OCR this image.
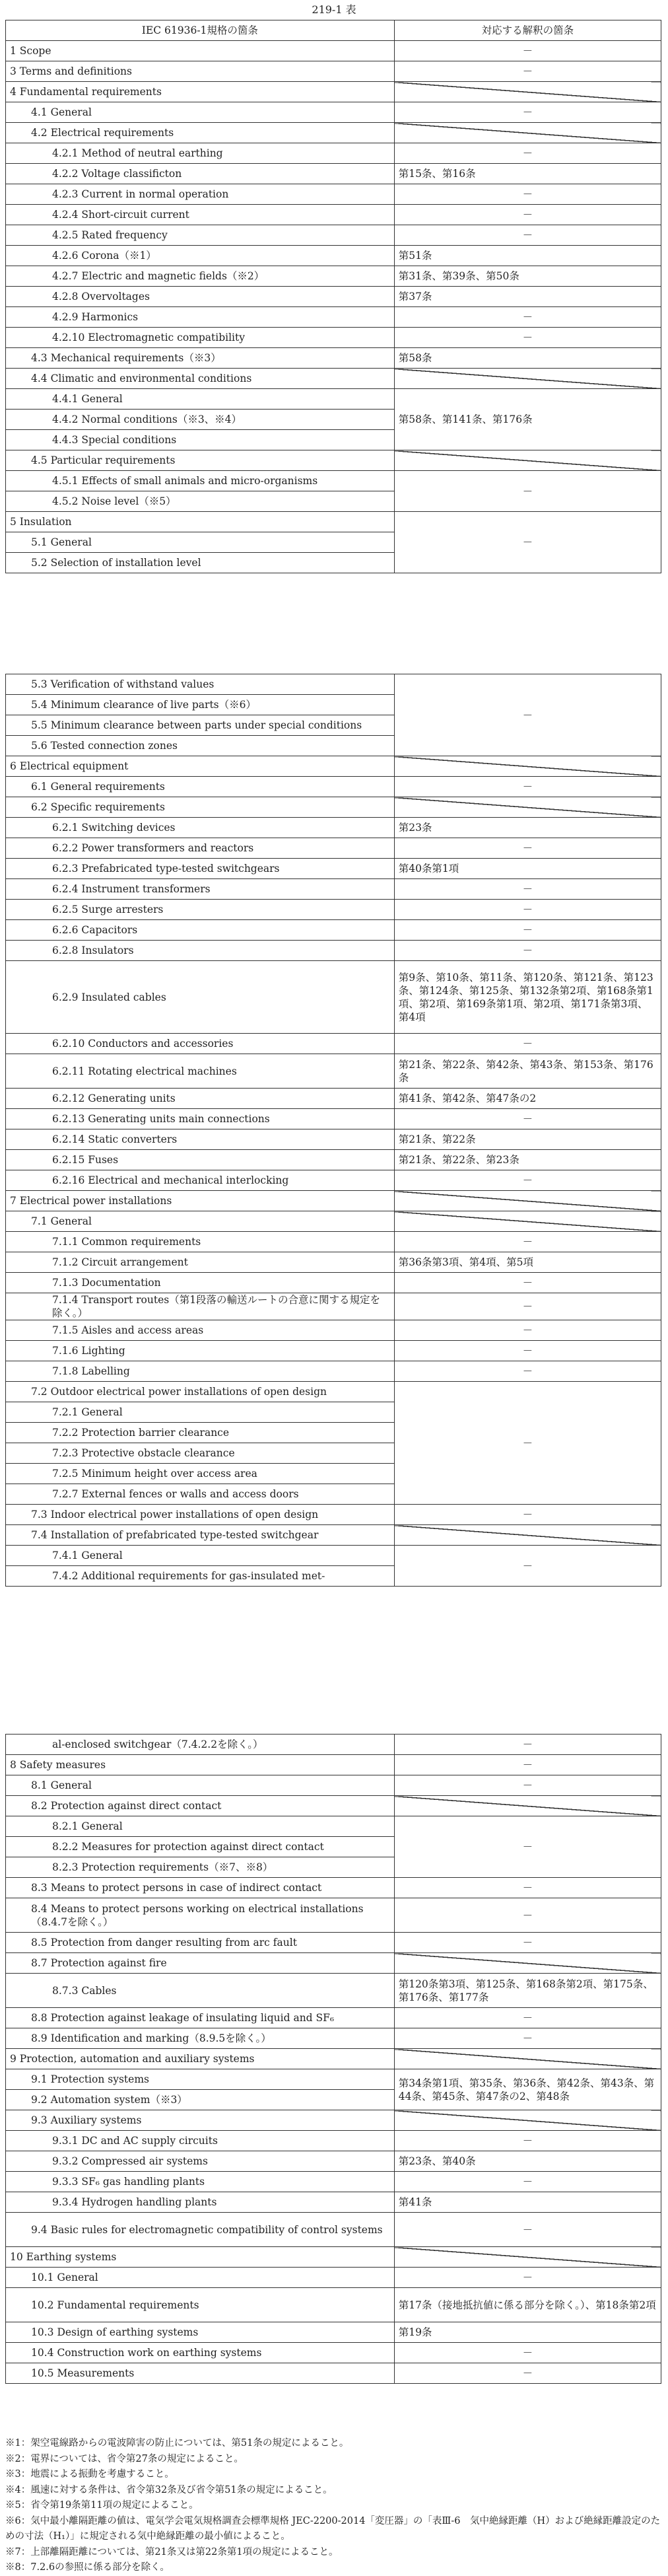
219-1 表
IEC 61936-1規格の箇条	対応する解釈の箇条
1 Scope	－
3 Terms and definitions	－
4 Fundamental requirements	
4.1 General	－
4.2 Electrical requirements	
4.2.1 Method of neutral earthing	－
4.2.2 Voltage classificton	第15条、第16条
4.2.3 Current in normal operation	－
4.2.4 Short-circuit current	－
4.2.5 Rated frequency	－
4.2.6 Corona（※1）	第51条
4.2.7 Electric and magnetic fields（※2）	第31条、第39条、第50条
4.2.8 Overvoltages	第37条
4.2.9 Harmonics	－
4.2.10 Electromagnetic compatibility	－
4.3 Mechanical requirements（※3）	第58条
4.4 Climatic and environmental conditions	
4.4.1 General	第58条、第141条、第176条
4.4.2 Normal conditions（※3、※4）	
4.4.3 Special conditions	
4.5 Particular requirements	
4.5.1 Effects of small animals and micro-organisms	－
4.5.2 Noise level（※5）	
5 Insulation	－
5.1 General	
5.2 Selection of installation level	
5.3 Verification of withstand values	－
5.4 Minimum clearance of live parts（※6）	
5.5 Minimum clearance between parts under special conditions	
5.6 Tested connection zones	
6 Electrical equipment	
6.1 General requirements	－
6.2 Specific requirements	
6.2.1 Switching devices	第23条
6.2.2 Power transformers and reactors	－
6.2.3 Prefabricated type-tested switchgears	第40条第1項
6.2.4 Instrument transformers	－
6.2.5 Surge arresters	－
6.2.6 Capacitors	－
6.2.8 Insulators	－
6.2.9 Insulated cables	第9条、第10条、第11条、第120条、第121条、第123条、第124条、第125条、第132条第2項、第168条第1項、第2項、第169条第1項、第2項、第171条第3項、第4項
6.2.10 Conductors and accessories	－
6.2.11 Rotating electrical machines	第21条、第22条、第42条、第43条、第153条、第176条
6.2.12 Generating units	第41条、第42条、第47条の2
6.2.13 Generating units main connections	－
6.2.14 Static converters	第21条、第22条
6.2.15 Fuses	第21条、第22条、第23条
6.2.16 Electrical and mechanical interlocking	－
7 Electrical power installations	
7.1 General	
7.1.1 Common requirements	－
7.1.2 Circuit arrangement	第36条第3項、第4項、第5項
7.1.3 Documentation	－
7.1.4 Transport routes（第1段落の輸送ルートの合意に関する規定を除く。）	－
7.1.5 Aisles and access areas	－
7.1.6 Lighting	－
7.1.8 Labelling	－
7.2 Outdoor electrical power installations of open design	－
7.2.1 General	
7.2.2 Protection barrier clearance	
7.2.3 Protective obstacle clearance	
7.2.5 Minimum height over access area	
7.2.7 External fences or walls and access doors	
7.3 Indoor electrical power installations of open design	－
7.4 Installation of prefabricated type-tested switchgear	
7.4.1 General	－
7.4.2 Additional requirements for gas-insulated met-	
al-enclosed switchgear（7.4.2.2を除く。）	－
8 Safety measures	－
8.1 General	－
8.2 Protection against direct contact	
8.2.1 General	－
8.2.2 Measures for protection against direct contact	
8.2.3 Protection requirements（※7、※8）	
8.3 Means to protect persons in case of indirect contact	－
8.4 Means to protect persons working on electrical installations（8.4.7を除く。）	－
8.5 Protection from danger resulting from arc fault	－
8.7 Protection against fire	
8.7.3 Cables	第120条第3項、第125条、第168条第2項、第175条、第176条、第177条
8.8 Protection against leakage of insulating liquid and SF₆	－
8.9 Identification and marking（8.9.5を除く。）	－
9 Protection, automation and auxiliary systems	
9.1 Protection systems	第34条第1項、第35条、第36条、第42条、第43条、第44条、第45条、第47条の2、第48条
9.2 Automation system（※3）	
9.3 Auxiliary systems	
9.3.1 DC and AC supply circuits	－
9.3.2 Compressed air systems	第23条、第40条
9.3.3 SF₆ gas handling plants	－
9.3.4 Hydrogen handling plants	第41条
9.4 Basic rules for electromagnetic compatibility of control systems	－
10 Earthing systems	
10.1 General	－
10.2 Fundamental requirements	第17条（接地抵抗値に係る部分を除く。）、第18条第2項
10.3 Design of earthing systems	第19条
10.4 Construction work on earthing systems	－
10.5 Measurements	－
※1：架空電線路からの電波障害の防止については、第51条の規定によること。
※2：電界については、省令第27条の規定によること。
※3：地震による振動を考慮すること。
※4：風速に対する条件は、省令第32条及び省令第51条の規定によること。
※5：省令第19条第11項の規定によること。
※6：気中最小離隔距離の値は、電気学会電気規格調査会標準規格 JEC-2200-2014「変圧器」の「表Ⅲ-6　気中絶縁距離（H）および絶縁距離設定のための寸法（H₁）」に規定される気中絶縁距離の最小値によること。
※7：上部離隔距離については、第21条又は第22条第1項の規定によること。
※8：7.2.6の参照に係る部分を除く。
